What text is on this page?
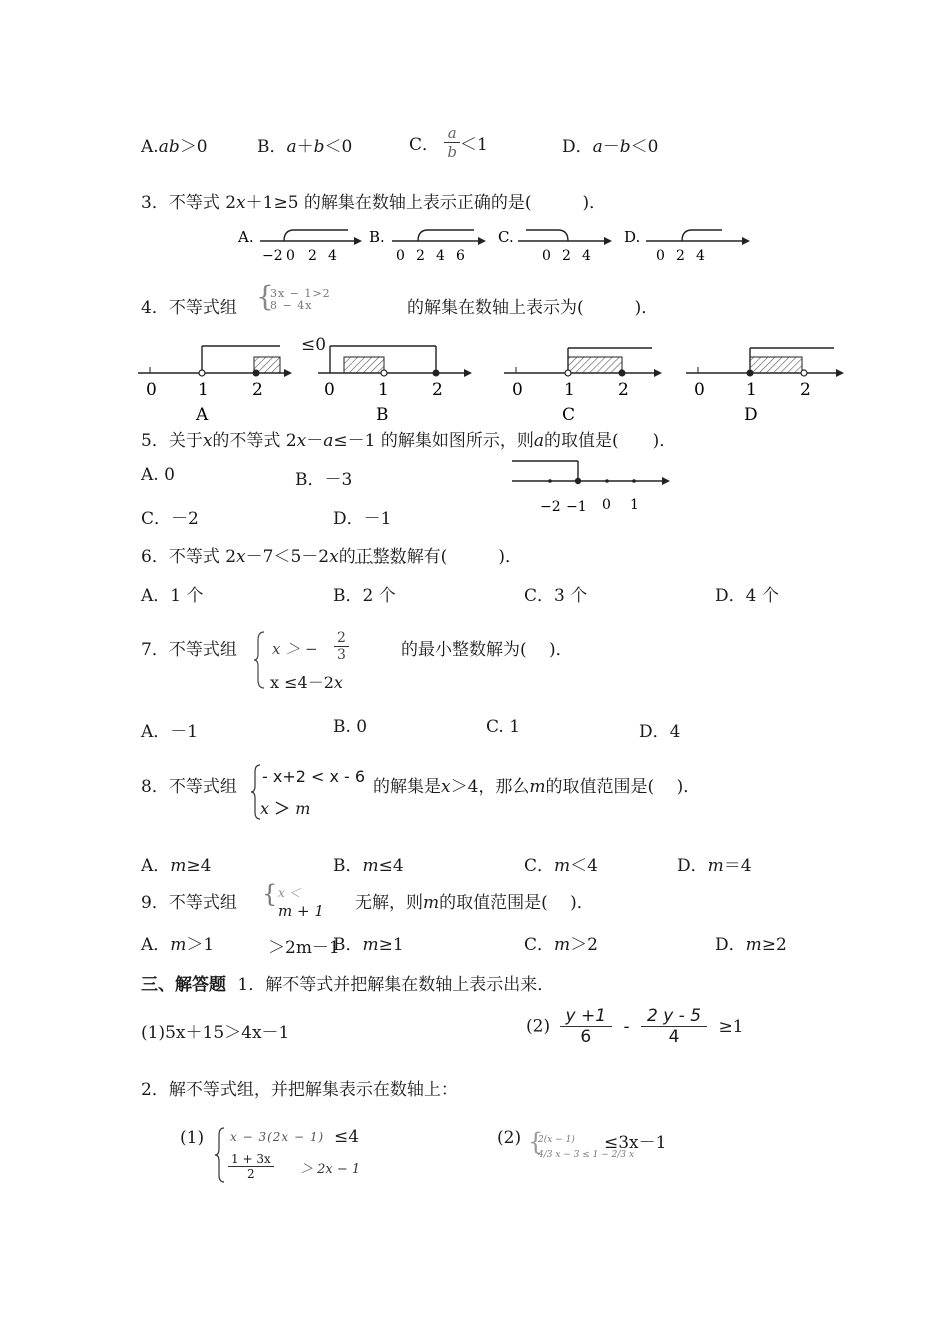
A.ab＞0	B．a＋b＜0	C． $\frac{a}{b} <1$	D．a－b＜0
3．不等式 2x＋1≥5 的解集在数轴上表示正确的是(　　　)．
A.	B.	C.	D.
−2 0 2 4	0 2 4 6	0 2 4	0 2 4
4．不等式组 {
3x − 1>2
8 − 4x	的解集在数轴上表示为(　　　)．
≤0
0 1	2
A
0	1	2
B
0 1	2
C
0 1	2
D
5．关于x的不等式 2x－a≤－1 的解集如图所示，则a的取值是(　　)．
A. 0	B．－3
C．－2	D．－1
−2 −1 0 1
6．不等式 2x－7＜5－2x的正整数解有(　　　)．
A．1 个	B．2 个	C．3 个	D．4 个
7．不等式组 x ＞ − $\frac{2}{3}$
x ≤4－2x
的最小整数解为(　 )．
A．－1	B. 0	C. 1	D．4
8．不等式组
- x+2 < x - 6
x ＞ m
的解集是x＞4，那么m的取值范围是(　 )．
A．m≥4	B．m≤4	C．m＜4	D．m＝4
9．不等式组 { x ＜
m + 1
＞2m－1
无解，则m的取值范围是(　 )．
A．m＞1	B．m≥1	C．m＞2	D．m≥2
三、解答题 1．解不等式并把解集在数轴上表示出来．
(1)5x＋15＞4x－1	$(2) \frac{y +1}{6} - \frac{2 y - 5}{4} \ge 1$
2．解不等式组，并把解集表示在数轴上：
(1) x − 3(2x − 1) ≤4
$\frac{1 + 3x}{2} > 2x - 1$
(2) {
2(x − 1)
4/3 x − 3 ≤ 1 − 2/3 x
≤3x－1
